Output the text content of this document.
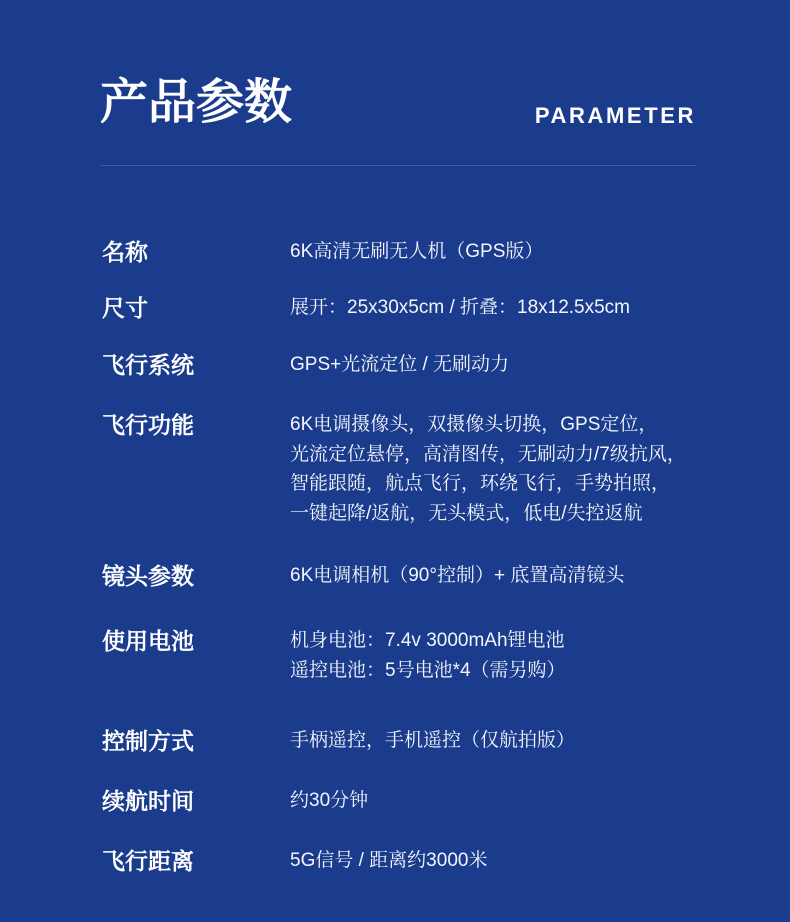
产品参数	PARAMETER
名称	6K高清无刷无人机（GPS版）
尺寸	展开：25x30x5cm / 折叠：18x12.5x5cm
飞行系统	GPS+光流定位 / 无刷动力
飞行功能	6K电调摄像头，双摄像头切换，GPS定位，
光流定位悬停，高清图传，无刷动力/7级抗风，
智能跟随，航点飞行，环绕飞行，手势拍照，
一键起降/返航，无头模式，低电/失控返航
镜头参数	6K电调相机（90°控制）+ 底置高清镜头
使用电池	机身电池：7.4v 3000mAh锂电池
遥控电池：5号电池*4（需另购）
控制方式	手柄遥控，手机遥控（仅航拍版）
续航时间	约30分钟
飞行距离	5G信号 / 距离约3000米
